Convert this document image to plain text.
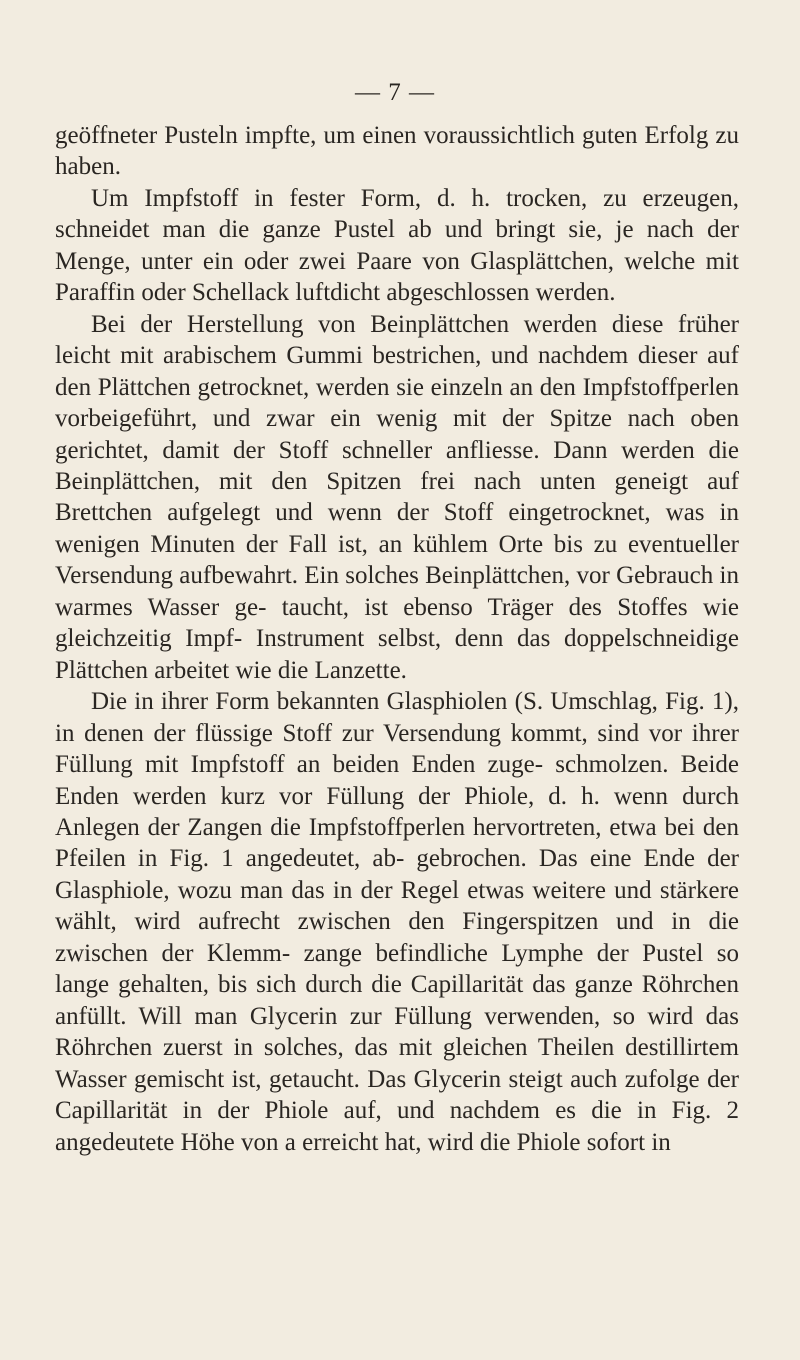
— 7 —

geöffneter Pusteln impfte, um einen voraussichtlich guten Erfolg zu haben.

Um Impfstoff in fester Form, d. h. trocken, zu erzeugen, schneidet man die ganze Pustel ab und bringt sie, je nach der Menge, unter ein oder zwei Paare von Glasplättchen, welche mit Paraffin oder Schellack luftdicht abgeschlossen werden.

Bei der Herstellung von Beinplättchen werden diese früher leicht mit arabischem Gummi bestrichen, und nachdem dieser auf den Plättchen getrocknet, werden sie einzeln an den Impfstoffperlen vorbeigeführt, und zwar ein wenig mit der Spitze nach oben gerichtet, damit der Stoff schneller anfliesse. Dann werden die Beinplättchen, mit den Spitzen frei nach unten geneigt auf Brettchen aufgelegt und wenn der Stoff eingetrocknet, was in wenigen Minuten der Fall ist, an kühlem Orte bis zu eventueller Versendung aufbewahrt. Ein solches Beinplättchen, vor Gebrauch in warmes Wasser ge- taucht, ist ebenso Träger des Stoffes wie gleichzeitig Impf- Instrument selbst, denn das doppelschneidige Plättchen arbeitet wie die Lanzette.

Die in ihrer Form bekannten Glasphiolen (S. Umschlag, Fig. 1), in denen der flüssige Stoff zur Versendung kommt, sind vor ihrer Füllung mit Impfstoff an beiden Enden zuge- schmolzen. Beide Enden werden kurz vor Füllung der Phiole, d. h. wenn durch Anlegen der Zangen die Impfstoffperlen hervortreten, etwa bei den Pfeilen in Fig. 1 angedeutet, ab- gebrochen. Das eine Ende der Glasphiole, wozu man das in der Regel etwas weitere und stärkere wählt, wird aufrecht zwischen den Fingerspitzen und in die zwischen der Klemm- zange befindliche Lymphe der Pustel so lange gehalten, bis sich durch die Capillarität das ganze Röhrchen anfüllt. Will man Glycerin zur Füllung verwenden, so wird das Röhrchen zuerst in solches, das mit gleichen Theilen destillirtem Wasser gemischt ist, getaucht. Das Glycerin steigt auch zufolge der Capillarität in der Phiole auf, und nachdem es die in Fig. 2 angedeutete Höhe von a erreicht hat, wird die Phiole sofort in
